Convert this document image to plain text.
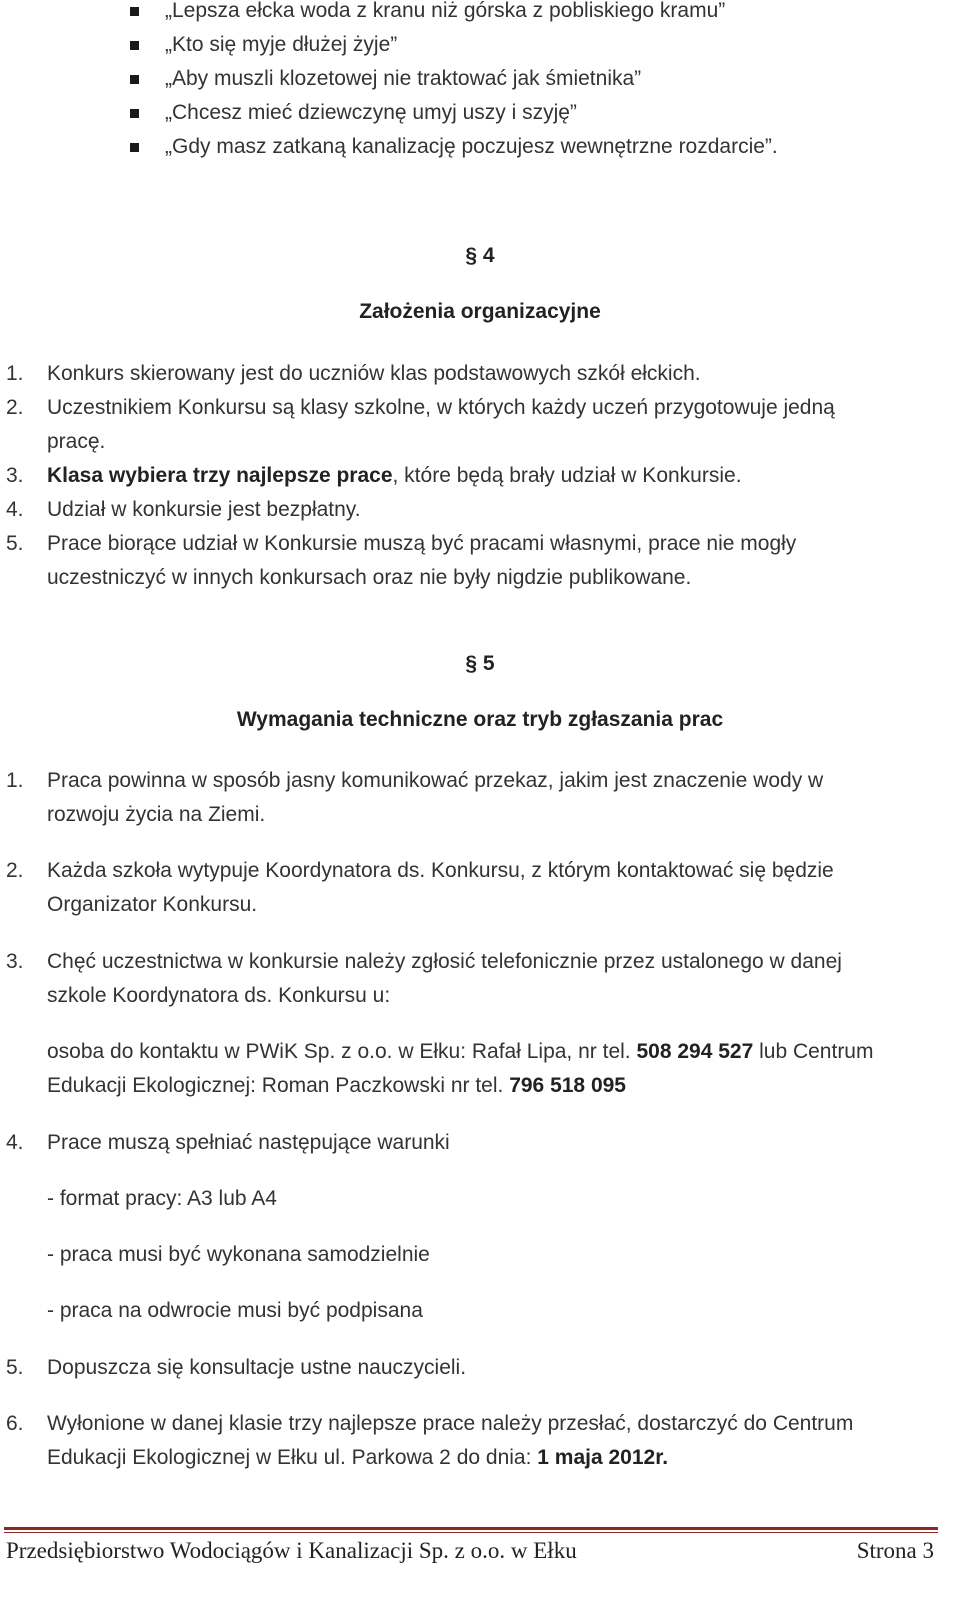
„Lepsza ełcka woda z kranu niż górska z pobliskiego kramu”
„Kto się myje dłużej żyje”
„Aby muszli klozetowej nie traktować jak śmietnika”
„Chcesz mieć dziewczynę umyj uszy i szyję”
„Gdy masz zatkaną kanalizację poczujesz wewnętrzne rozdarcie”.
§ 4
Założenia organizacyjne
1.	Konkurs skierowany jest do uczniów klas podstawowych szkół ełckich.
2.	Uczestnikiem Konkursu są klasy szkolne, w których każdy uczeń przygotowuje jedną pracę.
3.	Klasa wybiera trzy najlepsze prace, które będą brały udział w Konkursie.
4.	Udział w konkursie jest bezpłatny.
5.	Prace biorące udział w Konkursie muszą być pracami własnymi, prace nie mogły uczestniczyć w innych konkursach oraz nie były nigdzie publikowane.
§ 5
Wymagania techniczne oraz tryb zgłaszania prac
1.	Praca powinna w sposób jasny komunikować przekaz, jakim jest znaczenie wody w rozwoju życia na Ziemi.
2.	Każda szkoła wytypuje Koordynatora ds. Konkursu, z którym kontaktować się będzie Organizator Konkursu.
3.	Chęć uczestnictwa w konkursie należy zgłosić telefonicznie przez ustalonego w danej szkole Koordynatora ds. Konkursu u:
osoba do kontaktu w PWiK Sp. z o.o. w Ełku: Rafał Lipa, nr tel. 508 294 527 lub Centrum Edukacji Ekologicznej: Roman Paczkowski nr tel. 796 518 095
4.	Prace muszą spełniać następujące warunki
- format pracy: A3 lub A4
- praca musi być wykonana samodzielnie
- praca na odwrocie musi być podpisana
5.	Dopuszcza się konsultacje ustne nauczycieli.
6.	Wyłonione w danej klasie trzy najlepsze prace należy przesłać, dostarczyć do Centrum Edukacji Ekologicznej w Ełku ul. Parkowa 2 do dnia: 1 maja 2012r.
Przedsiębiorstwo Wodociągów i Kanalizacji Sp. z o.o. w Ełku	Strona 3
